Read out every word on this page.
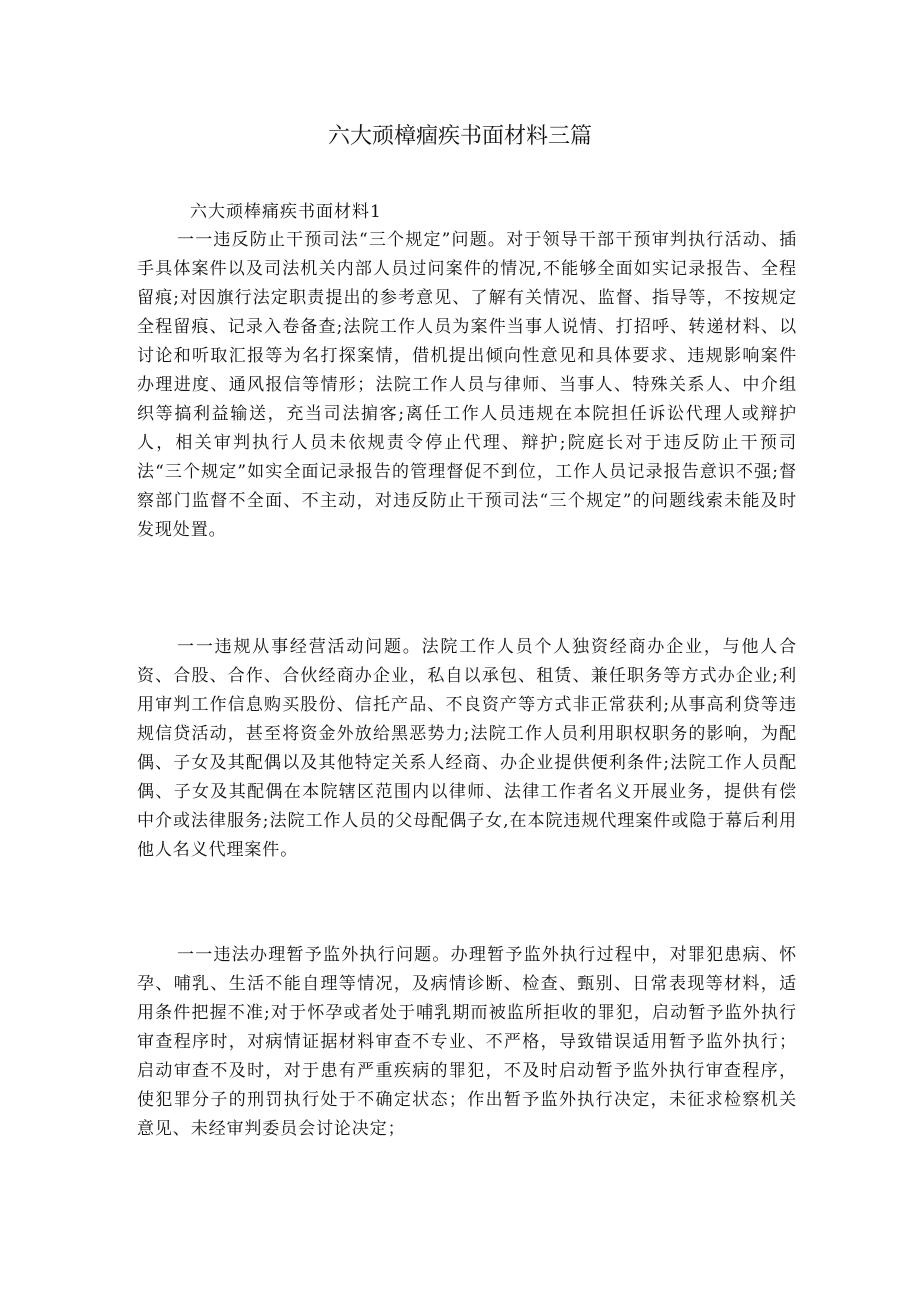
六大顽樟痼疾书面材料三篇
六大顽棒痛疾书面材料1

一一违反防止干预司法“三个规定”问题。对于领导干部干预审判执行活动、插手具体案件以及司法机关内部人员过问案件的情况,不能够全面如实记录报告、全程留痕;对因旗行法定职责提出的参考意见、了解有关情况、监督、指导等，不按规定全程留痕、记录入卷备查;法院工作人员为案件当事人说情、打招呼、转递材料、以讨论和听取汇报等为名打探案情，借机提出倾向性意见和具体要求、违规影响案件办理进度、通风报信等情形；法院工作人员与律师、当事人、特殊关系人、中介组织等搞利益输送，充当司法掮客;离任工作人员违规在本院担任诉讼代理人或辩护人，相关审判执行人员未依规责令停止代理、辩护;院庭长对于违反防止干预司法“三个规定”如实全面记录报告的管理督促不到位，工作人员记录报告意识不强;督察部门监督不全面、不主动，对违反防止干预司法“三个规定”的问题线索未能及时发现处置。

一一违规从事经营活动问题。法院工作人员个人独资经商办企业，与他人合资、合股、合作、合伙经商办企业，私自以承包、租赁、兼任职务等方式办企业;利用审判工作信息购买股份、信托产品、不良资产等方式非正常获利;从事高利贷等违规信贷活动，甚至将资金外放给黑恶势力;法院工作人员利用职权职务的影响，为配偶、子女及其配偶以及其他特定关系人经商、办企业提供便利条件;法院工作人员配偶、子女及其配偶在本院辖区范围内以律师、法律工作者名义开展业务，提供有偿中介或法律服务;法院工作人员的父母配偶子女,在本院违规代理案件或隐于幕后利用他人名义代理案件。

一一违法办理暂予监外执行问题。办理暂予监外执行过程中，对罪犯患病、怀孕、哺乳、生活不能自理等情况，及病情诊断、检查、甄别、日常表现等材料，适用条件把握不准;对于怀孕或者处于哺乳期而被监所拒收的罪犯，启动暂予监外执行审查程序时，对病情证据材料审查不专业、不严格，导致错误适用暂予监外执行；启动审查不及时，对于患有严重疾病的罪犯，不及时启动暂予监外执行审查程序，使犯罪分子的刑罚执行处于不确定状态；作出暂予监外执行决定，未征求检察机关意见、未经审判委员会讨论决定；
